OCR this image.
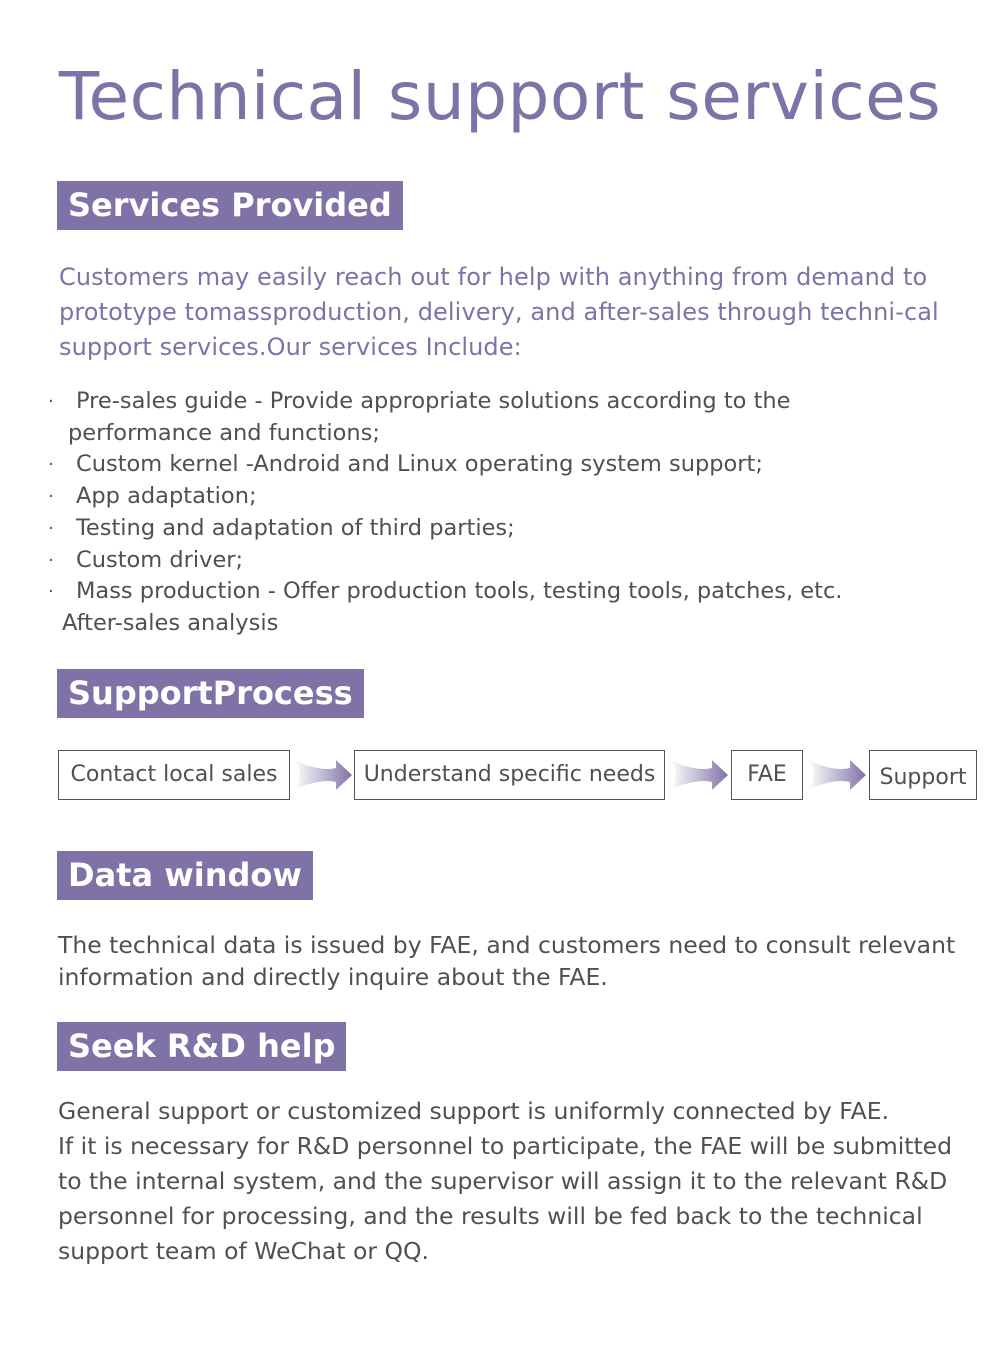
Technical support services
Services Provided
Customers may easily reach out for help with anything from demand to prototype tomassproduction, delivery, and after-sales through techni-cal support services.Our services Include:
· Pre-sales guide - Provide appropriate solutions according to the
performance and functions;
· Custom kernel -Android and Linux operating system support;
· App adaptation;
· Testing and adaptation of third parties;
· Custom driver;
· Mass production - Offer production tools, testing tools, patches, etc.
After-sales analysis
SupportProcess
Contact local sales	Understand specific needs	FAE	Support
Data window
The technical data is issued by FAE, and customers need to consult relevant information and directly inquire about the FAE.
Seek R&D help
General support or customized support is uniformly connected by FAE.
If it is necessary for R&D personnel to participate, the FAE will be submitted to the internal system, and the supervisor will assign it to the relevant R&D personnel for processing, and the results will be fed back to the technical support team of WeChat or QQ.
